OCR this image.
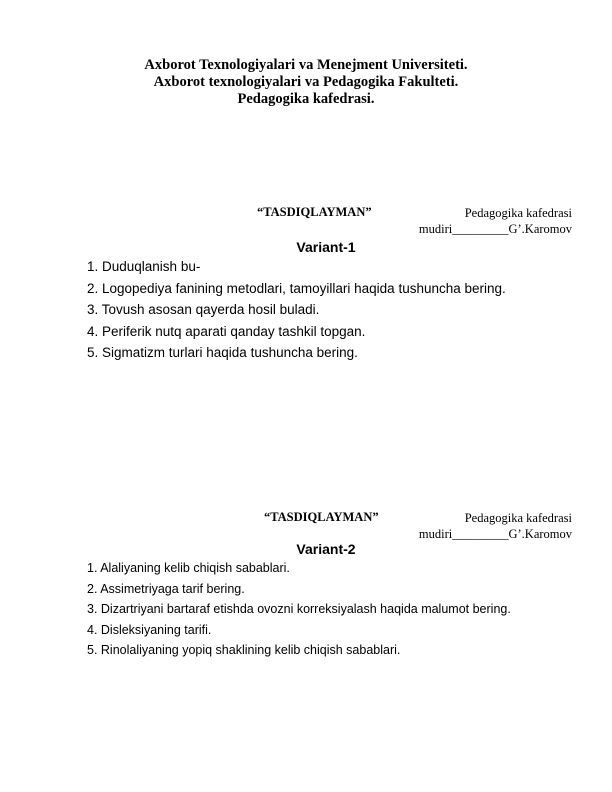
Axborot Texnologiyalari va Menejment Universiteti.
Axborot texnologiyalari va Pedagogika Fakulteti.
Pedagogika kafedrasi.
“TASDIQLAYMAN”	Pedagogika kafedrasi
mudiri_________G’.Karomov
Variant-1
1. Duduqlanish bu-
2. Logopediya fanining metodlari, tamoyillari haqida tushuncha bering.
3. Tovush asosan qayerda hosil buladi.
4. Periferik nutq aparati qanday tashkil topgan.
5. Sigmatizm turlari haqida tushuncha bering.
“TASDIQLAYMAN”	Pedagogika kafedrasi
mudiri_________G’.Karomov
Variant-2
1. Alaliyaning kelib chiqish sabablari.
2. Assimetriyaga tarif bering.
3. Dizartriyani bartaraf etishda ovozni korreksiyalash haqida malumot bering.
4. Disleksiyaning tarifi.
5. Rinolaliyaning yopiq shaklining kelib chiqish sabablari.
